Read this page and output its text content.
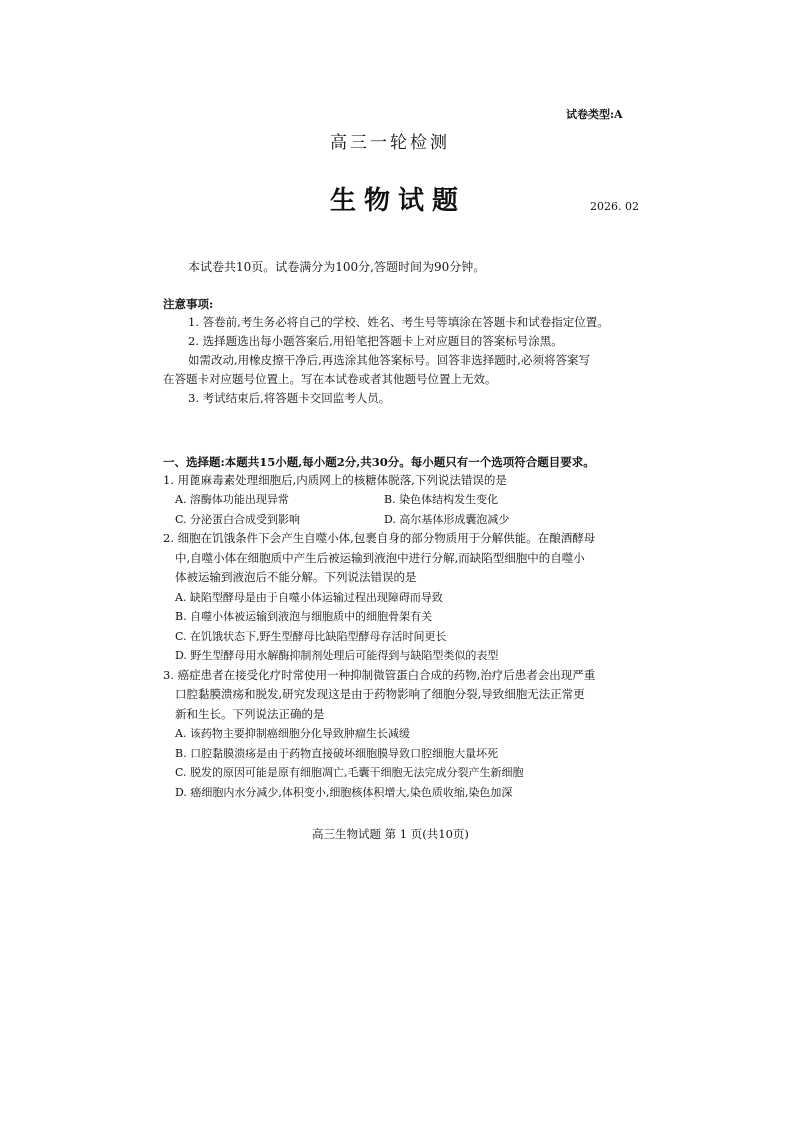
试卷类型:A
高三一轮检测
生物试题	2026. 02
本试卷共10页。试卷满分为100分,答题时间为90分钟。
注意事项:
1. 答卷前,考生务必将自己的学校、姓名、考生号等填涂在答题卡和试卷指定位置。
2. 选择题选出每小题答案后,用铅笔把答题卡上对应题目的答案标号涂黑。
如需改动,用橡皮擦干净后,再选涂其他答案标号。回答非选择题时,必须将答案写
在答题卡对应题号位置上。写在本试卷或者其他题号位置上无效。
3. 考试结束后,将答题卡交回监考人员。
一、选择题:本题共15小题,每小题2分,共30分。每小题只有一个选项符合题目要求。
1. 用蓖麻毒素处理细胞后,内质网上的核糖体脱落,下列说法错误的是
A. 溶酶体功能出现异常	B. 染色体结构发生变化
C. 分泌蛋白合成受到影响	D. 高尔基体形成囊泡减少
2. 细胞在饥饿条件下会产生自噬小体,包裹自身的部分物质用于分解供能。在酿酒酵母
中,自噬小体在细胞质中产生后被运输到液泡中进行分解,而缺陷型细胞中的自噬小
体被运输到液泡后不能分解。下列说法错误的是
A. 缺陷型酵母是由于自噬小体运输过程出现障碍而导致
B. 自噬小体被运输到液泡与细胞质中的细胞骨架有关
C. 在饥饿状态下,野生型酵母比缺陷型酵母存活时间更长
D. 野生型酵母用水解酶抑制剂处理后可能得到与缺陷型类似的表型
3. 癌症患者在接受化疗时常使用一种抑制微管蛋白合成的药物,治疗后患者会出现严重
口腔黏膜溃疡和脱发,研究发现这是由于药物影响了细胞分裂,导致细胞无法正常更
新和生长。下列说法正确的是
A. 该药物主要抑制癌细胞分化导致肿瘤生长减缓
B. 口腔黏膜溃疡是由于药物直接破坏细胞膜导致口腔细胞大量坏死
C. 脱发的原因可能是原有细胞凋亡,毛囊干细胞无法完成分裂产生新细胞
D. 癌细胞内水分减少,体积变小,细胞核体积增大,染色质收缩,染色加深
高三生物试题 第 1 页(共10页)
